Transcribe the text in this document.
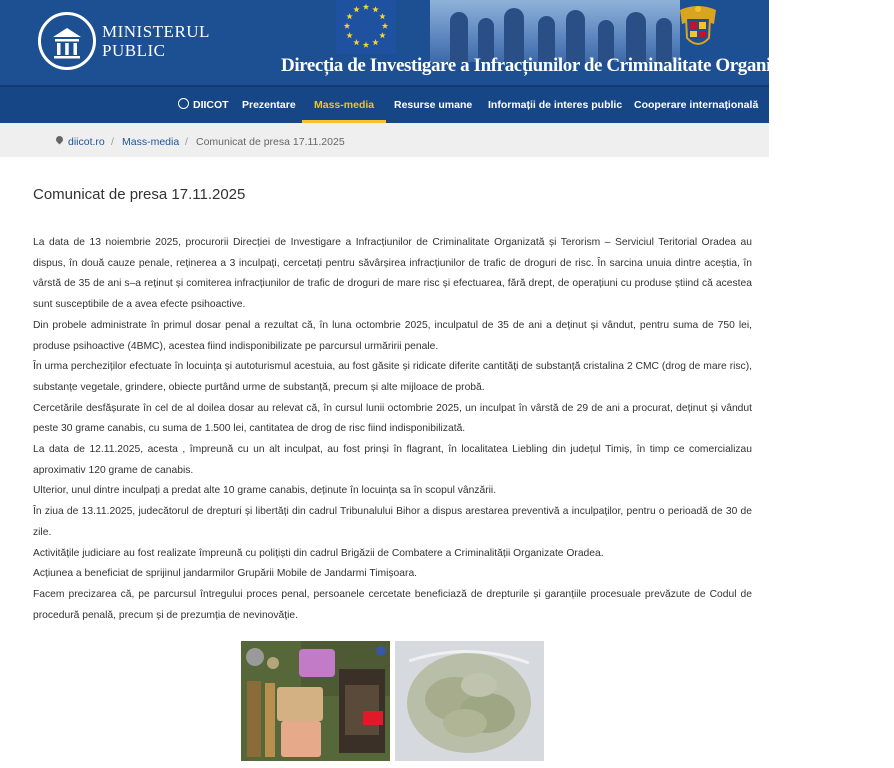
MINISTERUL
PUBLIC
Direcția de Investigare a Infracțiunilor de Criminalitate Organizată și Terorism
DIICOT Prezentare Mass-media Resurse umane Informații de interes public Cooperare internațională
diicot.ro / Mass-media / Comunicat de presa 17.11.2025
Comunicat de presa 17.11.2025

La data de 13 noiembrie 2025, procurorii Direcției de Investigare a Infracțiunilor de Criminalitate Organizată și Terorism – Serviciul Teritorial Oradea au dispus, în două cauze penale, reținerea a 3 inculpați, cercetați pentru săvârșirea infracțiunilor de trafic de droguri de risc. În sarcina unuia dintre aceștia, în vârstă de 35 de ani s–a reținut și comiterea infracțiunilor de trafic de droguri de mare risc și efectuarea, fără drept, de operațiuni cu produse știind că acestea sunt susceptibile de a avea efecte psihoactive.

Din probele administrate în primul dosar penal a rezultat că, în luna octombrie 2025, inculpatul de 35 de ani a deținut și vândut, pentru suma de 750 lei, produse psihoactive (4BMC), acestea fiind indisponibilizate pe parcursul urmăririi penale.

În urma percheziților efectuate în locuința și autoturismul acestuia, au fost găsite și ridicate diferite cantități de substanță cristalina 2 CMC (drog de mare risc), substanțe vegetale, grindere, obiecte purtând urme de substanță, precum și alte mijloace de probă.

Cercetările desfășurate în cel de al doilea dosar au relevat că, în cursul lunii octombrie 2025, un inculpat în vârstă de 29 de ani a procurat, deținut și vândut peste 30 grame canabis, cu suma de 1.500 lei, cantitatea de drog de risc fiind indisponibilizată.

La data de 12.11.2025, acesta , împreună cu un alt inculpat, au fost prinși în flagrant, în localitatea Liebling din județul Timiș, în timp ce comercializau aproximativ 120 grame de canabis.

Ulterior, unul dintre inculpați a predat alte 10 grame canabis, deținute în locuința sa în scopul vânzării.

În ziua de 13.11.2025, judecătorul de drepturi și libertăți din cadrul Tribunalului Bihor a dispus arestarea preventivă a inculpaților, pentru o perioadă de 30 de zile.

Activitățile judiciare au fost realizate împreună cu polițiști din cadrul Brigăzii de Combatere a Criminalității Organizate Oradea.

Acțiunea a beneficiat de sprijinul jandarmilor Grupării Mobile de Jandarmi Timișoara.

Facem precizarea că, pe parcursul întregului proces penal, persoanele cercetate beneficiază de drepturile și garanțiile procesuale prevăzute de Codul de procedură penală, precum și de prezumția de nevinovăție.
